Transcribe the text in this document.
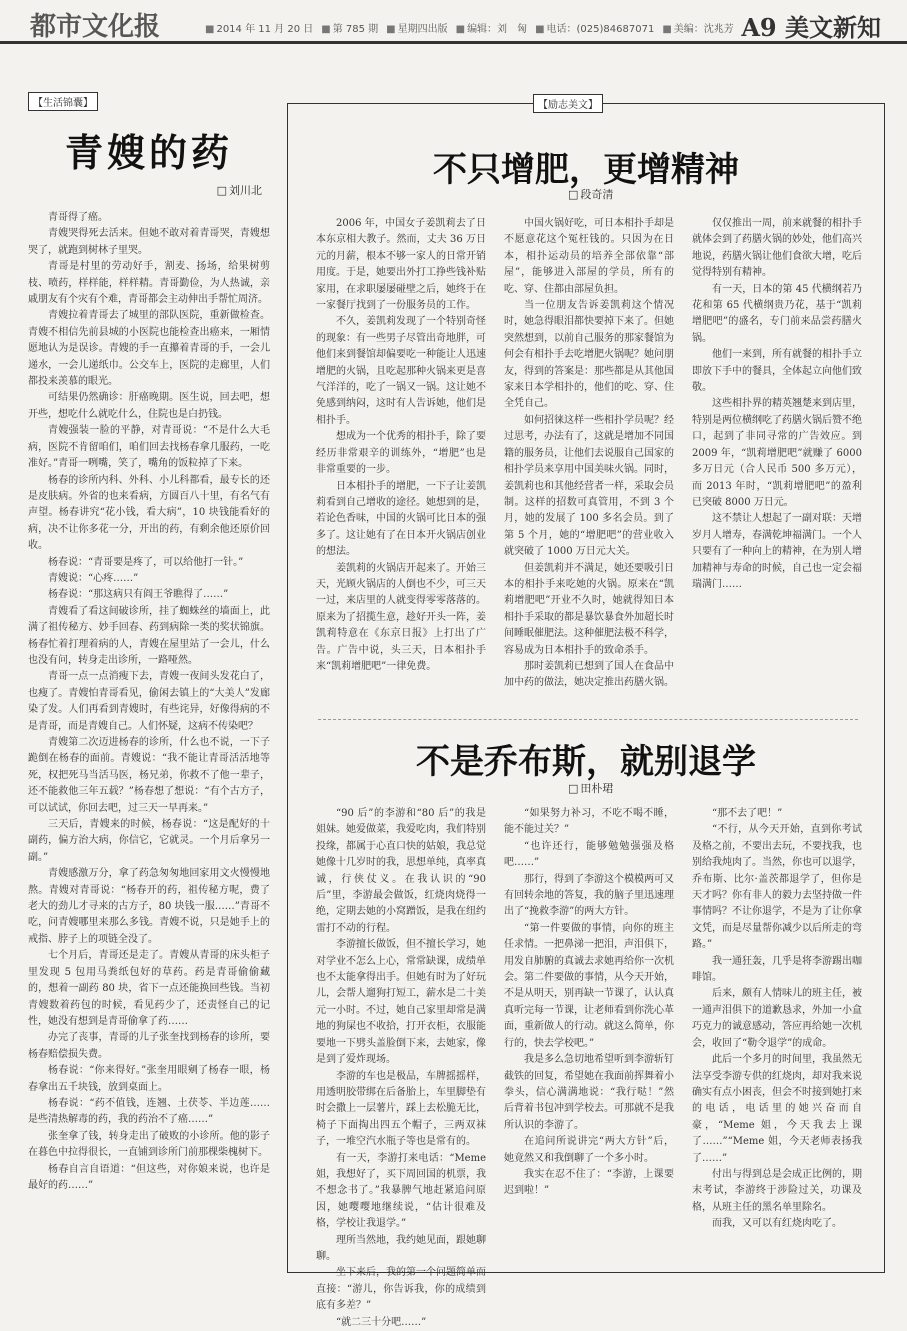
都市文化报	■ 2014 年 11 月 20 日	■ 第 785 期	■ 星期四出版	■ 编辑：刘　匈	■ 电话：(025)84687071	■ 美编：沈兆芳 A9 美文新知
【生活锦囊】
青嫂的药
□ 刘川北

青哥得了癌。

青嫂哭得死去活来。但她不敢对着青哥哭，青嫂想哭了，就跑到树林子里哭。

青哥是村里的劳动好手，割麦、扬场，给果树剪枝、喷药，样样能，样样精。青哥勤俭，为人热诚，亲戚朋友有个灾有个难，青哥都会主动伸出手帮忙周济。

青嫂拉着青哥去了城里的部队医院，重新做检查。青嫂不相信先前县城的小医院也能检查出癌来，一厢情愿地认为是误诊。青嫂的手一直攥着青哥的手，一会儿递水，一会儿递纸巾。公交车上，医院的走廊里，人们都投来羡慕的眼光。

可结果仍然确诊：肝癌晚期。医生说，回去吧，想开些，想吃什么就吃什么，住院也是白扔钱。

青嫂强装一脸的平静，对青哥说：“不是什么大毛病，医院不肯留咱们，咱们回去找杨春拿几服药，一吃准好。”青哥一咧嘴，笑了，嘴角的饭粒掉了下来。

杨春的诊所内科、外科、小儿科都看，最专长的还是皮肤病。外省的也来看病，方圆百八十里，有名气有声望。杨春讲究“花小钱，看大病”，10 块钱能看好的病，决不让你多花一分，开出的药，有剩余他还原价回收。

杨春说：“青哥要是疼了，可以给他打一针。”

青嫂说：“心疼……”

杨春说：“那这病只有阎王爷瞧得了……”

青嫂看了看这间破诊所，挂了蜘蛛丝的墙面上，此满了祖传秘方、妙手回春、药到病除一类的奖状锦旗。杨春忙着打理着病的人，青嫂在屋里站了一会儿，什么也没有问，转身走出诊所，一路哑然。

青哥一点一点消瘦下去，青嫂一夜间头发花白了，也瘦了。青嫂怕青哥看见，偷闲去镇上的“大美人”发廊染了发。人们再看到青嫂时，有些诧异，好像得病的不是青哥，而是青嫂自己。人们怀疑，这病不传染吧？

青嫂第二次迈进杨春的诊所，什么也不说，一下子跪倒在杨春的面前。青嫂说：“我不能让青哥活活地等死，权把死马当活马医，杨兄弟，你救不了他一辈子，还不能救他三年五载？”杨春想了想说：“有个古方子，可以试试，你回去吧，过三天一早再来。”

三天后，青嫂来的时候，杨春说：“这是配好的十副药，偏方治大病，你信它，它就灵。一个月后拿另一副。”

青嫂感激万分，拿了药急匆匆地回家用文火慢慢地熬。青嫂对青哥说：“杨春开的药，祖传秘方呢，费了老大的劲儿才寻来的古方子，80 块钱一服……”青哥不吃，问青嫂哪里来那么多钱。青嫂不说，只是她手上的戒指、脖子上的项链全没了。

七个月后，青哥还是走了。青嫂从青哥的床头柜子里发现 5 包用马粪纸包好的草药。药是青哥偷偷藏的，想着一副药 80 块，省下一点还能换回些钱。当初青嫂数着药包的时候，看见药少了，还责怪自己的记性，她没有想到是青哥偷拿了药……

办完了丧事，青哥的儿子张奎找到杨春的诊所，要杨春赔偿损失费。

杨春说：“你来得好。”张奎用眼剜了杨春一眼，杨春拿出五千块钱，放到桌面上。

杨春说：“药不值钱，连翘、土茯苓、半边莲……是些清热解毒的药，我的药治不了癌……”

张奎拿了钱，转身走出了破败的小诊所。他的影子在暮色中拉得很长，一直铺到诊所门前那棵柴槐树下。

杨春自言自语道：“但这些，对你娘来说，也许是最好的药……”

【励志美文】
不只增肥，更增精神
□ 段奇清

2006 年，中国女子姜凯莉去了日本东京相大教子。然而，丈夫 36 万日元的月薪，根本不够一家人的日常开销用度。于是，她要出外打工挣些钱补贴家用，在求职屡屡碰壁之后，她终于在一家餐厅找到了一份服务员的工作。

不久，姜凯莉发现了一个特别奇怪的现象：有一些男子尽管出奇地胖，可他们来到餐馆却偏要吃一种能让人迅速增肥的火锅，且吃起那种火锅来更是喜气洋洋的，吃了一锅又一锅。这让她不免感到纳闷，这时有人告诉她，他们是相扑手。

想成为一个优秀的相扑手，除了要经历非常艰辛的训练外，“增肥”也是非常重要的一步。

日本相扑手的增肥，一下子让姜凯莉看到自己增收的途径。她想到的是，若论色香味，中国的火锅可比日本的强多了。这让她有了在日本开火锅店创业的想法。

姜凯莉的火锅店开起来了。开始三天，光顾火锅店的人倒也不少，可三天一过，来店里的人就变得零零落落的。原来为了招揽生意，趁好开头一阵，姜凯莉特意在《东京日报》上打出了广告。广告中说，头三天，日本相扑手来“凯莉增肥吧”一律免费。

中国火锅好吃，可日本相扑手却是不愿意花这个冤枉钱的。只因为在日本，相扑运动员的培养全部依靠“部屋”，能够进入部屋的学员，所有的吃、穿、住都由部屋负担。

当一位朋友告诉姜凯莉这个情况时，她急得眼泪都快要掉下来了。但她突然想到，以前自己服务的那家餐馆为何会有相扑手去吃增肥火锅呢？她问朋友，得到的答案是：那些都是从其他国家来日本学相扑的，他们的吃、穿、住全凭自己。

如何招徕这样一些相扑学员呢？经过思考，办法有了，这就是增加不同国籍的服务员，让他们去说服自己国家的相扑学员来享用中国美味火锅。同时，姜凯莉也和其他经营者一样，采取会员制。这样的招数可真管用，不到 3 个月，她的发展了 100 多名会员。到了第 5 个月，她的“增肥吧”的营业收入就突破了 1000 万日元大关。

但姜凯莉并不满足，她还要吸引日本的相扑手来吃她的火锅。原来在“凯莉增肥吧”开业不久时，她就得知日本相扑手采取的都是暴饮暴食外加超长时间睡眠催肥法。这种催肥法极不科学，容易成为日本相扑手的致命杀手。

那时姜凯莉已想到了国人在食品中加中药的做法，她决定推出药膳火锅。

仅仅推出一周，前来就餐的相扑手就体会到了药膳火锅的妙处，他们高兴地说，药膳火锅让他们食欲大增，吃后觉得特别有精神。

有一天，日本的第 45 代横纲若乃花和第 65 代横纲贵乃花，基于“凯莉增肥吧”的盛名，专门前来品尝药膳火锅。

他们一来到，所有就餐的相扑手立即放下手中的餐具，全体起立向他们致敬。

这些相扑界的精英翘楚来到店里，特别是两位横纲吃了药膳火锅后赞不绝口，起到了非同寻常的广告效应。到 2009 年，“凯莉增肥吧”就赚了 6000 多万日元（合人民币 500 多万元），而 2013 年时，“凯莉增肥吧”的盈利已突破 8000 万日元。

这不禁让人想起了一副对联：天增岁月人增寿，春满乾坤福满门。一个人只要有了一种向上的精神，在为别人增加精神与寿命的时候，自己也一定会福瑞满门……

不是乔布斯，就别退学
□ 田朴珺

“90 后”的李游和“80 后”的我是姐妹。她爱做菜，我爱吃肉，我们特别投缘，都属于心直口快的姑娘，我总觉她像十几岁时的我，思想单纯，真率真诚，行侠仗义。在我认识的“90 后”里，李游最会做饭，红烧肉烧得一绝，定期去她的小窝蹭饭，是我在纽约雷打不动的行程。

李游擅长做饭，但不擅长学习，她对学业不怎么上心，常常缺课，成绩单也不太能拿得出手。但她有时为了好玩儿，会帮人遛狗打短工，薪水是二十美元一小时。不过，她自己家里却常是满地的狗屎也不收拾，打开衣柜，衣服能要地一下劈头盖脸倒下来，去她家，像是到了爱炸现场。

李游的车也是极品，车牌摇摇样，用透明胶带绑在后备胎上，车里脚垫有时会撒上一层薯片，踩上去松脆无比，椅子下面掏出四五个帽子，三两双袜子，一堆空汽水瓶子等也是常有的。

有一天，李游打来电话：“Meme 姐，我想好了，买下周回国的机票，我不想念书了。”我暴脾气地赶紧追问原因，她嘤嘤地继续说，“估计很难及格，学校让我退学。”

理所当然地，我约她见面，跟她聊聊。

坐下来后，我的第一个问题简单而直接：“游儿，你告诉我，你的成绩到底有多差？”

“就二三十分吧……”

“如果努力补习，不吃不喝不睡，能不能过关？”

“也许还行，能够勉勉强强及格吧……”

那行，得到了李游这个模模两可又有回转余地的答复，我的脑子里迅速理出了“挽救李游”的两大方针。

“第一件要做的事情，向你的班主任求情。一把鼻涕一把泪，声泪俱下，用发自肺腑的真诚去求她再给你一次机会。第二件要做的事情，从今天开始，不是从明天，别再缺一节课了，认认真真听完每一节课，让老师看到你洗心革面，重新做人的行动。就这么简单，你行的，快去学校吧。”

我是多么急切地希望听到李游斩钉截铁的回复，希望她在我面前挥舞着小拳头，信心满满地说：“我行哒！”然后背着书包冲到学校去。可那就不是我所认识的李游了。

在追问所说讲完“两大方针”后，她竟然又和我倒聊了一个多小时。

我实在忍不住了：“李游，上课要迟到啦！”

“那不去了吧！”

“不行，从今天开始，直到你考试及格之前，不要出去玩，不要找我，也别给我炖肉了。当然，你也可以退学，乔布斯、比尔·盖茨都退学了，但你是天才吗？你有非人的毅力去坚持做一件事情吗？不让你退学，不是为了让你拿文凭，而是尽量帮你减少以后所走的弯路。”

我一通狂轰，几乎是将李游踢出咖啡馆。

后来，颇有人情味儿的班主任，被一通声泪俱下的道歉恳求，外加一小盒巧克力的诚意感动，答应再给她一次机会，收回了“勒令退学”的成命。

此后一个多月的时间里，我虽然无法享受李游专供的红烧肉，却对我来说确实有点小困丧，但会不时接到她打来的电话，电话里的她兴奋而自豪，“Meme 姐，今天我去上课了……”“Meme 姐，今天老师表扬我了……”

付出与得到总是会成正比例的，期末考试，李游终于涉险过关，功课及格，从班主任的黑名单里除名。

而我，又可以有红烧肉吃了。
